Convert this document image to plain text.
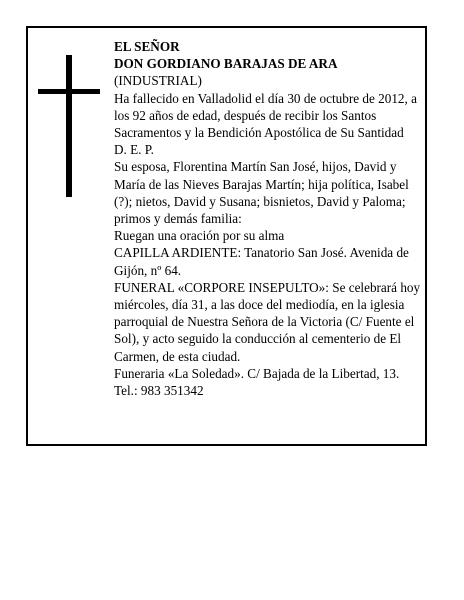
EL SEÑOR

DON GORDIANO BARAJAS DE ARA

(INDUSTRIAL)

Ha fallecido en Valladolid el día 30 de octubre de 2012, a los 92 años de edad, después de recibir los Santos Sacramentos y la Bendición Apostólica de Su Santidad

D. E. P.

Su esposa, Florentina Martín San José, hijos, David y María de las Nieves Barajas Martín; hija política, Isabel (?); nietos, David y Susana; bisnietos, David y Paloma; primos y demás familia:

Ruegan una oración por su alma

CAPILLA ARDIENTE: Tanatorio San José. Avenida de Gijón, nº 64.

FUNERAL «CORPORE INSEPULTO»: Se celebrará hoy miércoles, día 31, a las doce del mediodía, en la iglesia parroquial de Nuestra Señora de la Victoria (C/ Fuente el Sol), y acto seguido la conducción al cementerio de El Carmen, de esta ciudad.

Funeraria «La Soledad». C/ Bajada de la Libertad, 13.

Tel.: 983 351342
